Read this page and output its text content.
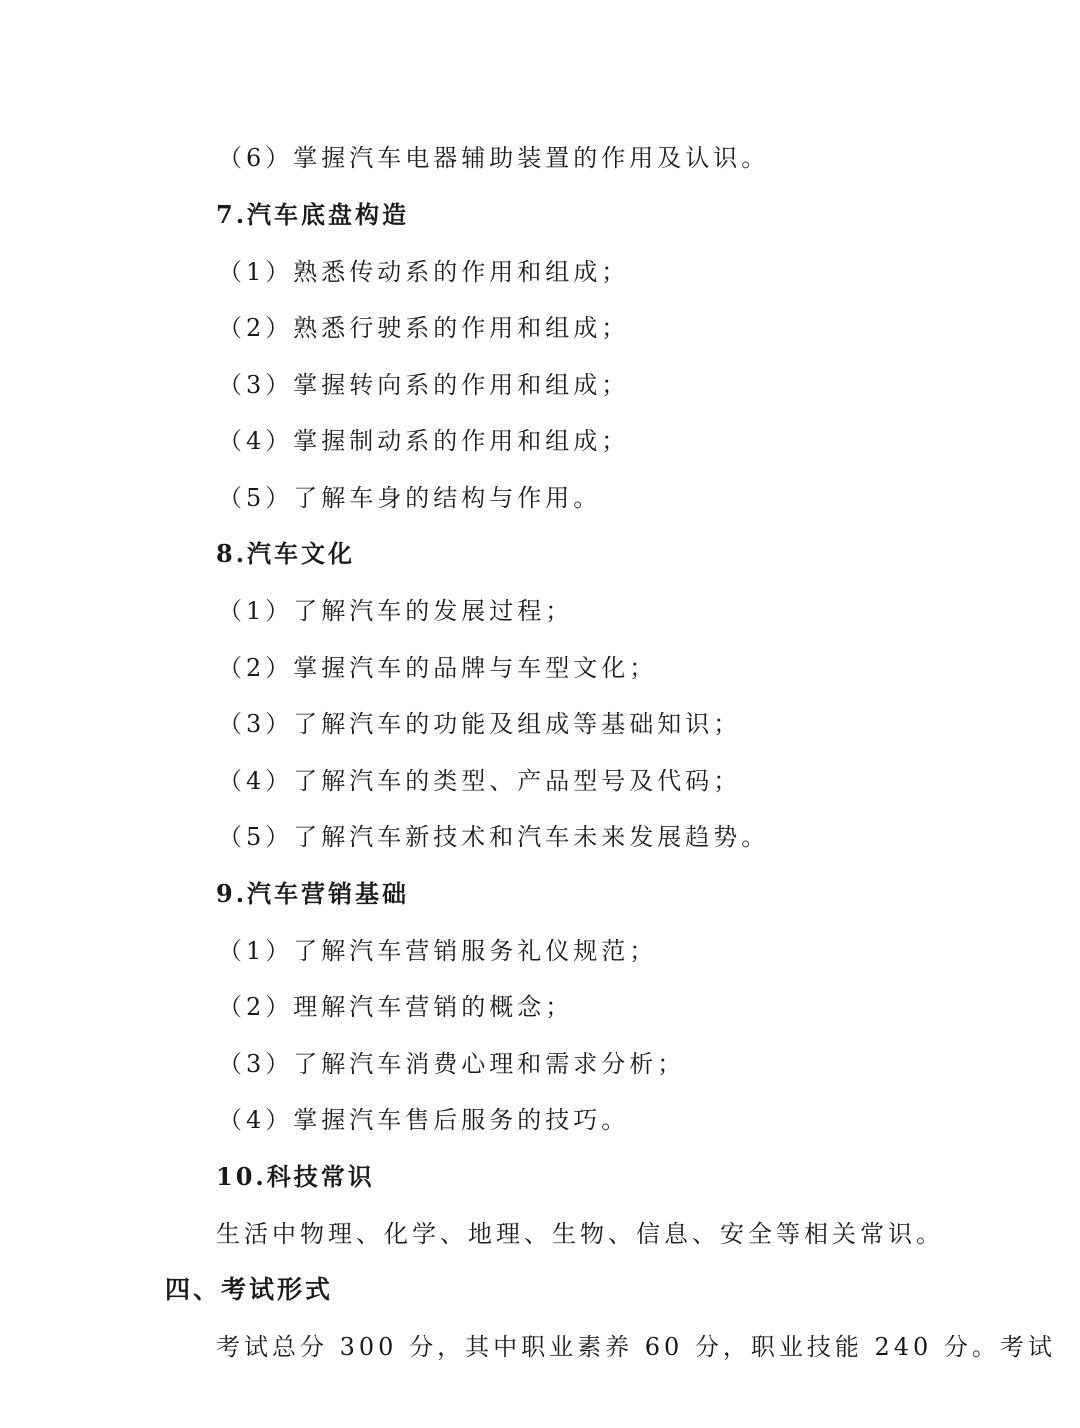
（6）掌握汽车电器辅助装置的作用及认识。
7.汽车底盘构造
（1）熟悉传动系的作用和组成；
（2）熟悉行驶系的作用和组成；
（3）掌握转向系的作用和组成；
（4）掌握制动系的作用和组成；
（5）了解车身的结构与作用。
8.汽车文化
（1）了解汽车的发展过程；
（2）掌握汽车的品牌与车型文化；
（3）了解汽车的功能及组成等基础知识；
（4）了解汽车的类型、产品型号及代码；
（5）了解汽车新技术和汽车未来发展趋势。
9.汽车营销基础
（1）了解汽车营销服务礼仪规范；
（2）理解汽车营销的概念；
（3）了解汽车消费心理和需求分析；
（4）掌握汽车售后服务的技巧。
10.科技常识
生活中物理、化学、地理、生物、信息、安全等相关常识。
四、考试形式
考试总分 300 分，其中职业素养 60 分，职业技能 240 分。考试
